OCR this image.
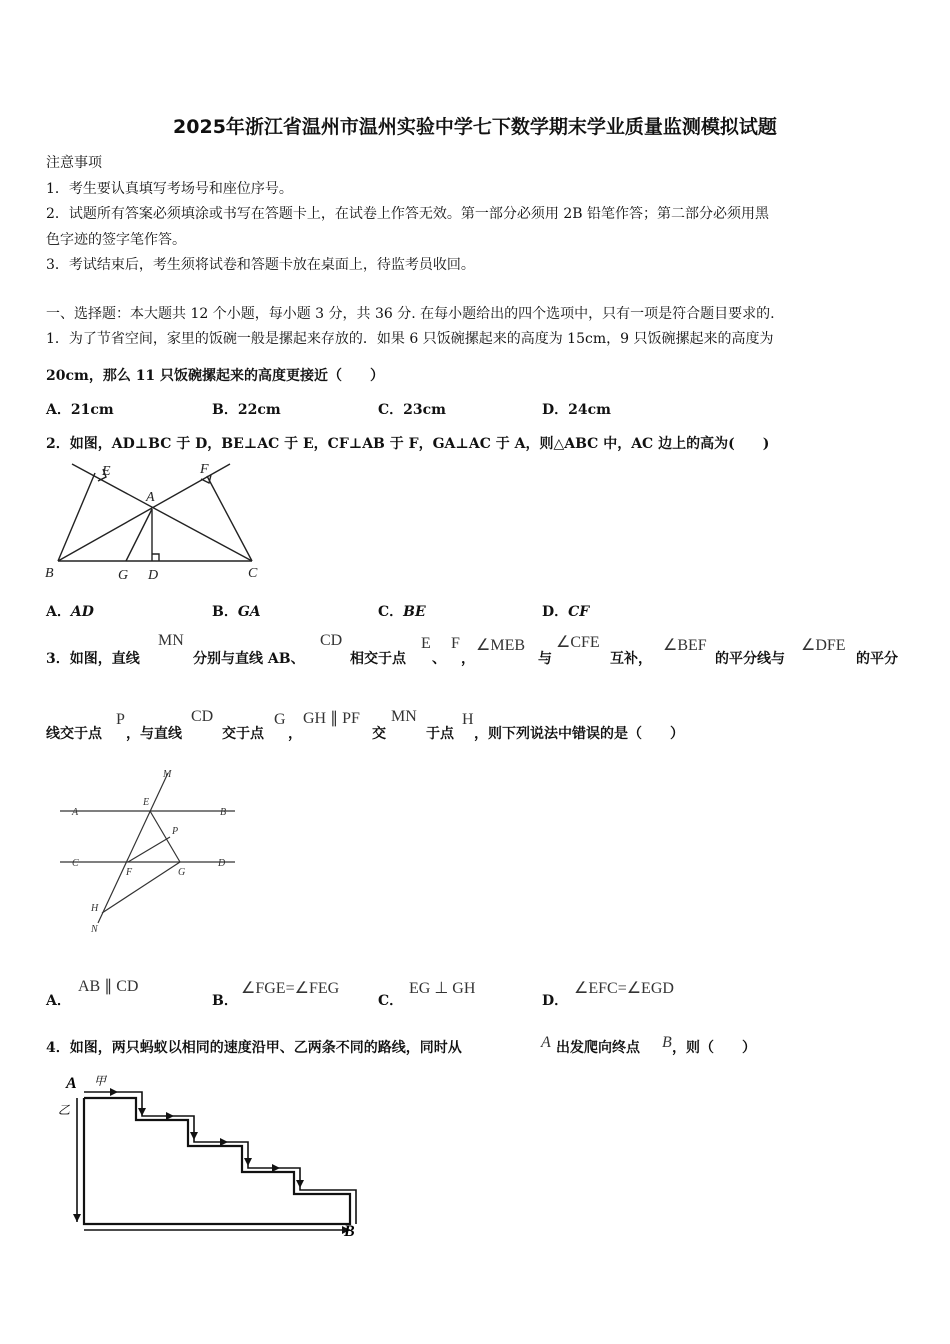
2025年浙江省温州市温州实验中学七下数学期末学业质量监测模拟试题
注意事项
1．考生要认真填写考场号和座位序号。
2．试题所有答案必须填涂或书写在答题卡上，在试卷上作答无效。第一部分必须用 2B 铅笔作答；第二部分必须用黑
色字迹的签字笔作答。
3．考试结束后，考生须将试卷和答题卡放在桌面上，待监考员收回。
一、选择题：本大题共 12 个小题，每小题 3 分，共 36 分. 在每小题给出的四个选项中，只有一项是符合题目要求的.
1．为了节省空间，家里的饭碗一般是摞起来存放的．如果 6 只饭碗摞起来的高度为 15cm，9 只饭碗摞起来的高度为
20cm，那么 11 只饭碗摞起来的高度更接近（　　）
A．21cm	B．22cm	C．23cm	D．24cm
2．如图，AD⊥BC 于 D，BE⊥AC 于 E，CF⊥AB 于 F，GA⊥AC 于 A，则△ABC 中，AC 边上的高为(　　)
E	F
A
B	G D	C
A．AD	B．GA	C．BE	D．CF
3．如图，直线
MN
分别与直线 AB、
CD
相交于点
E
、
F
，
∠MEB
与
∠CFE
互补，
∠BEF
的平分线与
∠DFE
的平分
线交于点
P
，与直线
CD
交于点
G
，
GH ∥ PF
交
MN
于点
H
，则下列说法中错误的是（　　）
M
A
E
B
P
C
F	G
D
H
N
A．
AB ∥ CD
B．
∠FGE=∠FEG
C．
EG ⊥ GH
D．
∠EFC=∠EGD
4．如图，两只蚂蚁以相同的速度沿甲、乙两条不同的路线，同时从	A 出发爬向终点 B ，则（　　）
A 甲
乙
B
